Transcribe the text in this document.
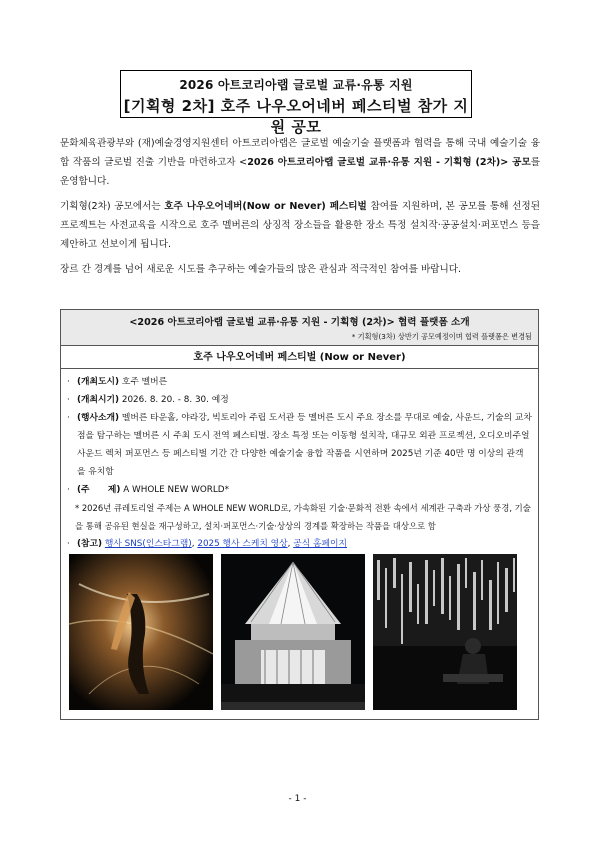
2026 아트코리아랩 글로벌 교류·유통 지원
[기획형 2차] 호주 나우오어네버 페스티벌 참가 지원 공모

문화체육관광부와 (재)예술경영지원센터 아트코리아랩은 글로벌 예술기술 플랫폼과 협력을 통해 국내 예술기술 융합 작품의 글로벌 진출 기반을 마련하고자 <2026 아트코리아랩 글로벌 교류·유통 지원 - 기획형 (2차)> 공모를 운영합니다.

기획형(2차) 공모에서는 호주 나우오어네버(Now or Never) 페스티벌 참여를 지원하며, 본 공모를 통해 선정된 프로젝트는 사전교육을 시작으로 호주 멜버른의 상징적 장소들을 활용한 장소 특정 설치작·공공설치·퍼포먼스 등을 제안하고 선보이게 됩니다.

장르 간 경계를 넘어 새로운 시도를 추구하는 예술가들의 많은 관심과 적극적인 참여를 바랍니다.

<2026 아트코리아랩 글로벌 교류·유통 지원 - 기획형 (2차)> 협력 플랫폼 소개
* 기획형(3차) 상반기 공모예정이며 협력 플랫폼은 변경됨
호주 나우오어네버 페스티벌 (Now or Never)
· (개최도시) 호주 멜버른
· (개최시기) 2026. 8. 20. - 8. 30. 예정
· (행사소개) 멜버른 타운홀, 야라강, 빅토리아 주립 도서관 등 멜버른 도시 주요 장소를 무대로 예술, 사운드, 기술의 교차점을 탐구하는 멜버른 시 주최 도시 전역 페스티벌. 장소 특정 또는 이동형 설치작, 대규모 외관 프로젝션, 오디오비주얼 사운드 렉처 퍼포먼스 등 페스티벌 기간 간 다양한 예술기술 융합 작품을 시연하며 2025년 기준 40만 명 이상의 관객을 유치함
· (주      제) A WHOLE NEW WORLD*
* 2026년 큐레토리얼 주제는 A WHOLE NEW WORLD로, 가속화된 기술·문화적 전환 속에서 세계관 구축과 가상 풍경, 기술을 통해 공유된 현실을 재구성하고, 설치·퍼포먼스·기술·상상의 경계를 확장하는 작품을 대상으로 함
· (참고) 행사 SNS(인스타그램), 2025 행사 스케치 영상, 공식 홈페이지
- 1 -
